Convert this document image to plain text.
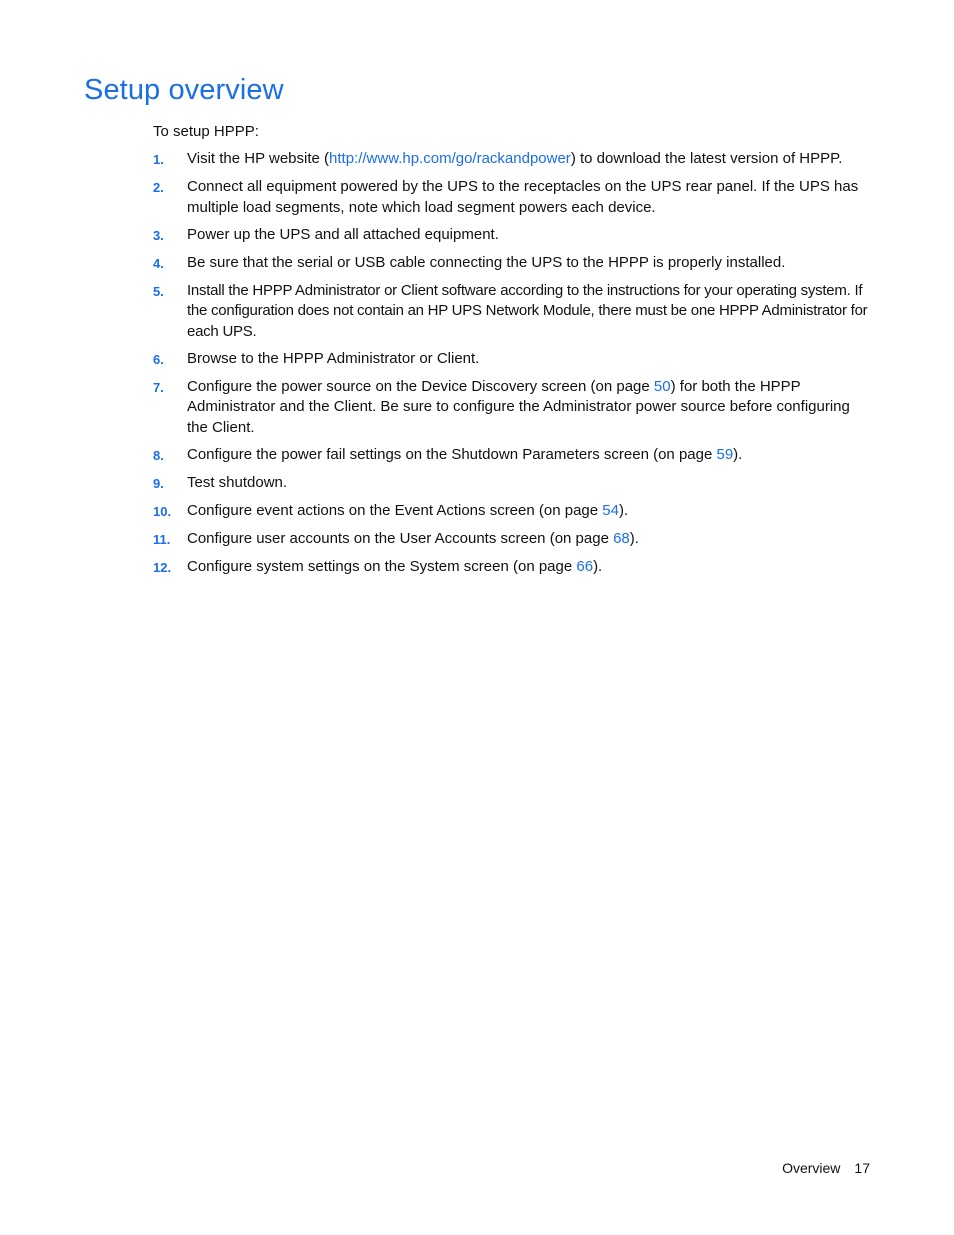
Setup overview
To setup HPPP:
1.	Visit the HP website (http://www.hp.com/go/rackandpower) to download the latest version of HPPP.
2.	Connect all equipment powered by the UPS to the receptacles on the UPS rear panel. If the UPS has multiple load segments, note which load segment powers each device.
3.	Power up the UPS and all attached equipment.
4.	Be sure that the serial or USB cable connecting the UPS to the HPPP is properly installed.
5.	Install the HPPP Administrator or Client software according to the instructions for your operating system. If the configuration does not contain an HP UPS Network Module, there must be one HPPP Administrator for each UPS.
6.	Browse to the HPPP Administrator or Client.
7.	Configure the power source on the Device Discovery screen (on page 50) for both the HPPP Administrator and the Client. Be sure to configure the Administrator power source before configuring the Client.
8.	Configure the power fail settings on the Shutdown Parameters screen (on page 59).
9.	Test shutdown.
10.	Configure event actions on the Event Actions screen (on page 54).
11.	Configure user accounts on the User Accounts screen (on page 68).
12.	Configure system settings on the System screen (on page 66).
Overview 17
